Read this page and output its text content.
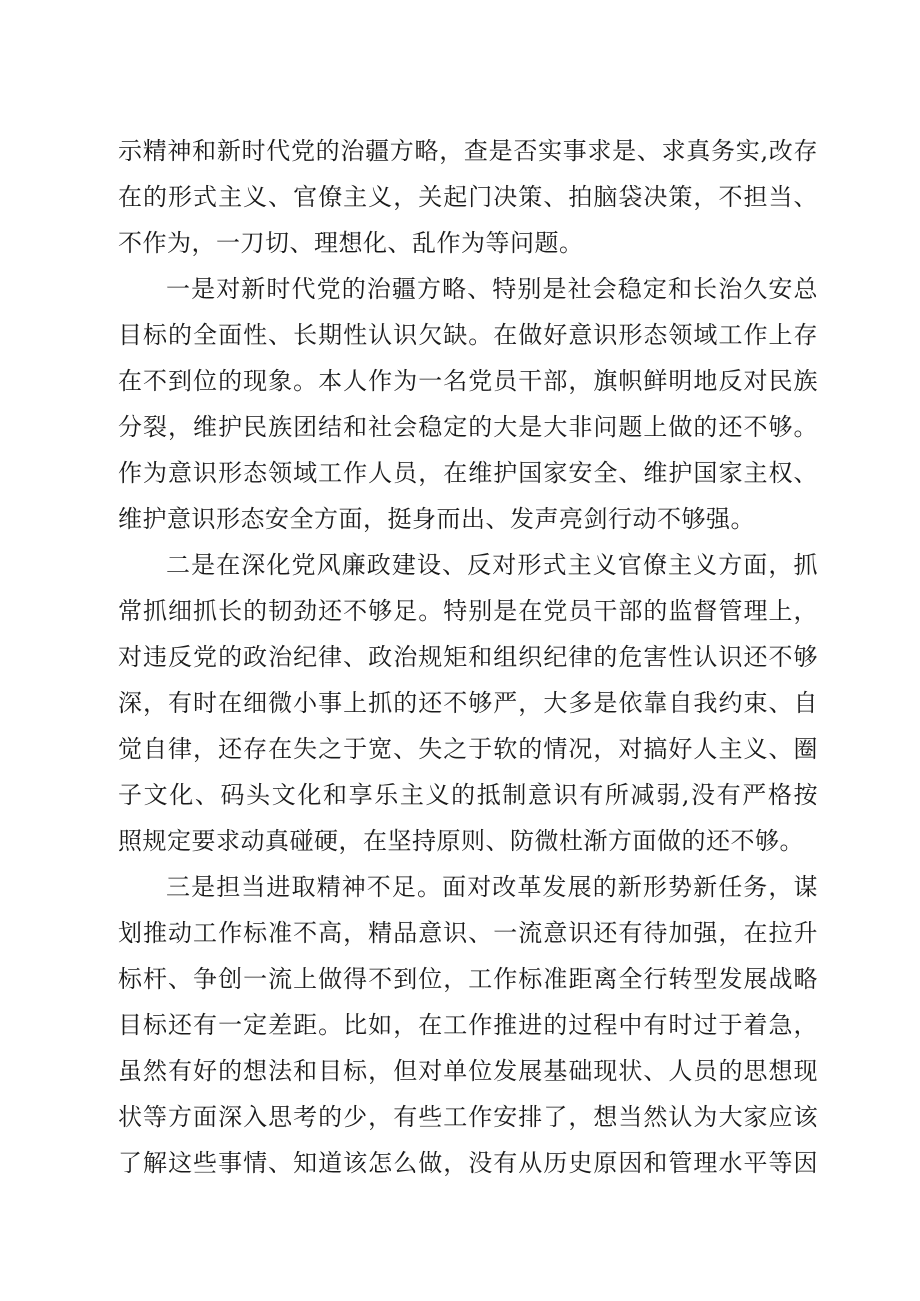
示精神和新时代党的治疆方略，查是否实事求是、求真务实,改存
在的形式主义、官僚主义，关起门决策、拍脑袋决策，不担当、
不作为，一刀切、理想化、乱作为等问题。
一是对新时代党的治疆方略、特别是社会稳定和长治久安总
目标的全面性、长期性认识欠缺。在做好意识形态领域工作上存
在不到位的现象。本人作为一名党员干部，旗帜鲜明地反对民族
分裂，维护民族团结和社会稳定的大是大非问题上做的还不够。
作为意识形态领域工作人员，在维护国家安全、维护国家主权、
维护意识形态安全方面，挺身而出、发声亮剑行动不够强。
二是在深化党风廉政建设、反对形式主义官僚主义方面，抓
常抓细抓长的韧劲还不够足。特别是在党员干部的监督管理上，
对违反党的政治纪律、政治规矩和组织纪律的危害性认识还不够
深，有时在细微小事上抓的还不够严，大多是依靠自我约束、自
觉自律，还存在失之于宽、失之于软的情况，对搞好人主义、圈
子文化、码头文化和享乐主义的抵制意识有所减弱,没有严格按
照规定要求动真碰硬，在坚持原则、防微杜渐方面做的还不够。
三是担当进取精神不足。面对改革发展的新形势新任务，谋
划推动工作标准不高，精品意识、一流意识还有待加强，在拉升
标杆、争创一流上做得不到位，工作标准距离全行转型发展战略
目标还有一定差距。比如，在工作推进的过程中有时过于着急，
虽然有好的想法和目标，但对单位发展基础现状、人员的思想现
状等方面深入思考的少，有些工作安排了，想当然认为大家应该
了解这些事情、知道该怎么做，没有从历史原因和管理水平等因
